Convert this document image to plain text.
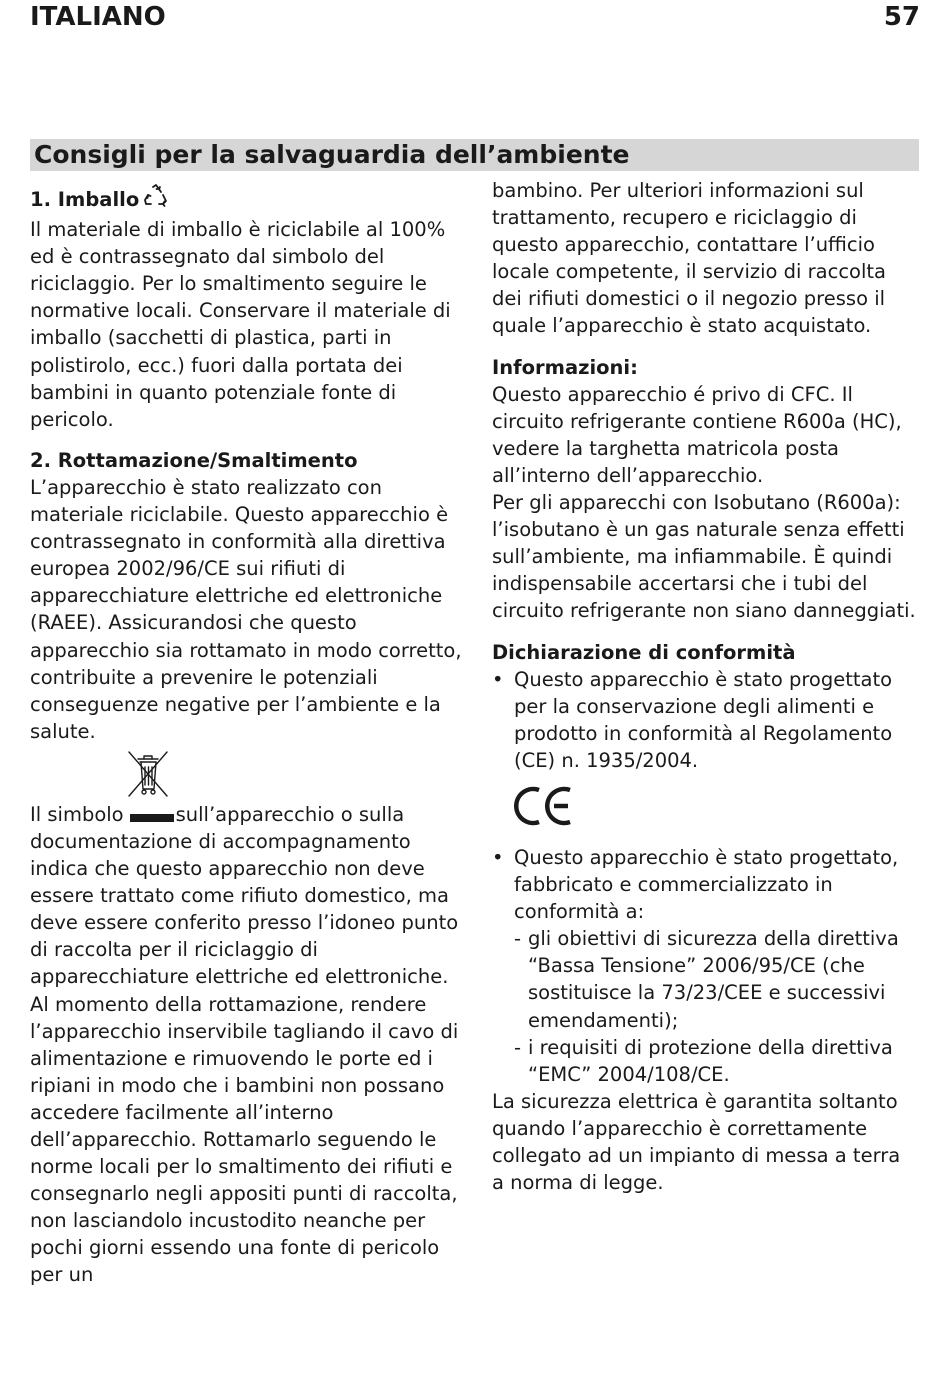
ITALIANO	57
Consigli per la salvaguardia dell’ambiente

1. Imballo

Il materiale di imballo è riciclabile al 100% ed è contrassegnato dal simbolo del riciclaggio. Per lo smaltimento seguire le normative locali. Conservare il materiale di imballo (sacchetti di plastica, parti in polistirolo, ecc.) fuori dalla portata dei bambini in quanto potenziale fonte di pericolo.

2. Rottamazione/Smaltimento

L’apparecchio è stato realizzato con materiale riciclabile. Questo apparecchio è contrassegnato in conformità alla direttiva europea 2002/96/CE sui rifiuti di apparecchiature elettriche ed elettroniche (RAEE). Assicurandosi che questo apparecchio sia rottamato in modo corretto, contribuite a prevenire le potenziali conseguenze negative per l’ambiente e la salute.

Il simbolo	sull’apparecchio o sulla documentazione di accompagnamento indica che questo apparecchio non deve essere trattato come rifiuto domestico, ma deve essere conferito presso l’idoneo punto di raccolta per il riciclaggio di apparecchiature elettriche ed elettroniche.

Al momento della rottamazione, rendere l’apparecchio inservibile tagliando il cavo di alimentazione e rimuovendo le porte ed i ripiani in modo che i bambini non possano accedere facilmente all’interno dell’apparecchio. Rottamarlo seguendo le norme locali per lo smaltimento dei rifiuti e consegnarlo negli appositi punti di raccolta, non lasciandolo incustodito neanche per pochi giorni essendo una fonte di pericolo per un

bambino. Per ulteriori informazioni sul trattamento, recupero e riciclaggio di questo apparecchio, contattare l’ufficio locale competente, il servizio di raccolta dei rifiuti domestici o il negozio presso il quale l’apparecchio è stato acquistato.

Informazioni:

Questo apparecchio é privo di CFC. Il circuito refrigerante contiene R600a (HC), vedere la targhetta matricola posta all’interno dell’apparecchio.

Per gli apparecchi con Isobutano (R600a): l’isobutano è un gas naturale senza effetti sull’ambiente, ma infiammabile. È quindi indispensabile accertarsi che i tubi del circuito refrigerante non siano danneggiati.

Dichiarazione di conformità

• Questo apparecchio è stato progettato per la conservazione degli alimenti e prodotto in conformità al Regolamento (CE) n. 1935/2004.
• Questo apparecchio è stato progettato, fabbricato e commercializzato in conformità a:
- gli obiettivi di sicurezza della direttiva “Bassa Tensione” 2006/95/CE (che sostituisce la 73/23/CEE e successivi emendamenti);
- i requisiti di protezione della direttiva “EMC” 2004/108/CE.

La sicurezza elettrica è garantita soltanto quando l’apparecchio è correttamente collegato ad un impianto di messa a terra a norma di legge.
